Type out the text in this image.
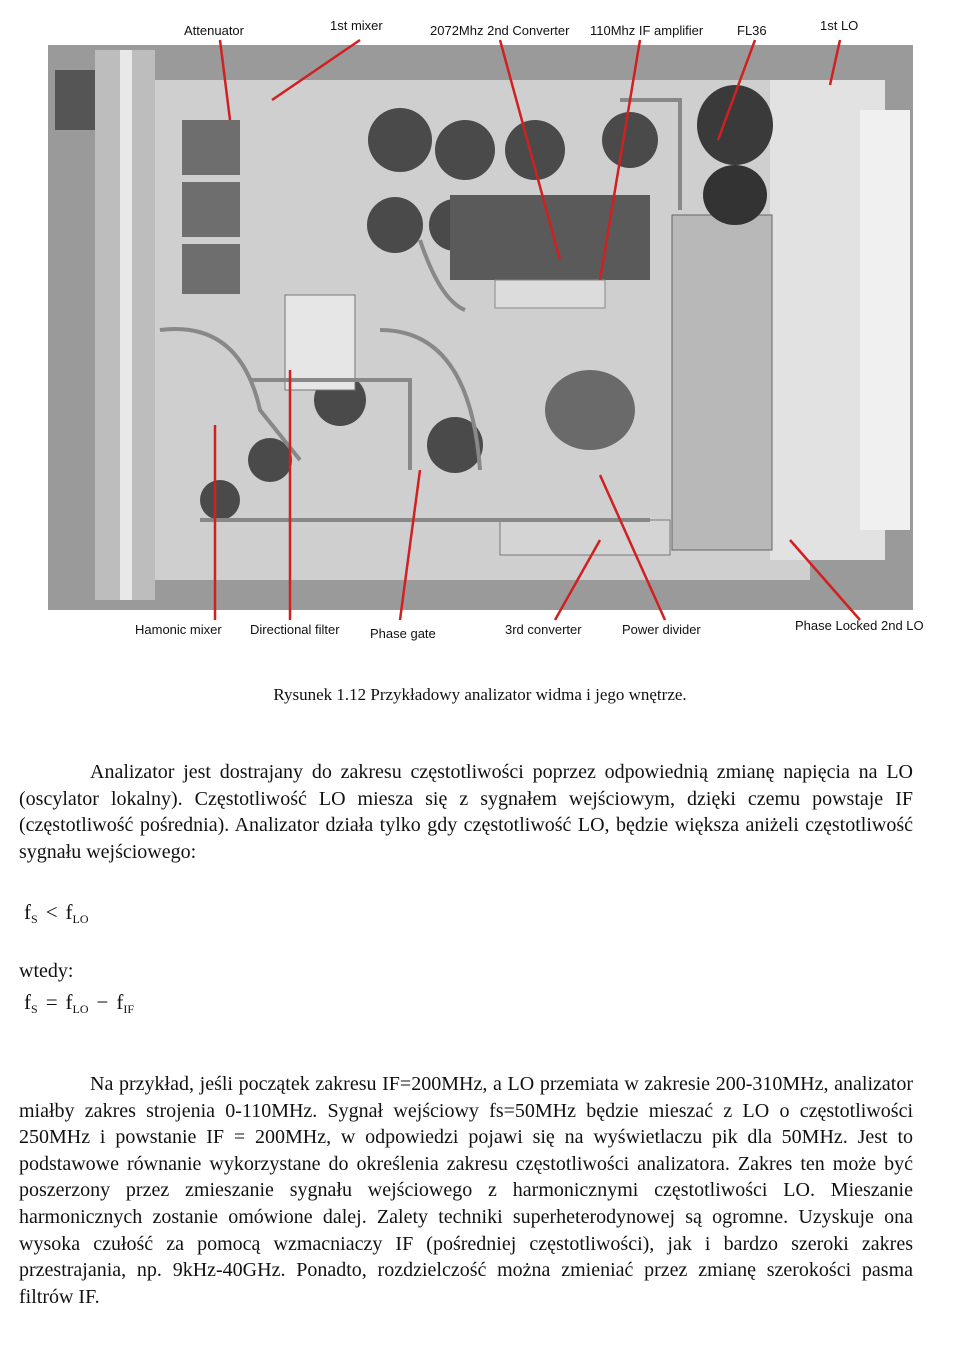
Attenuator	1st mixer	2072Mhz 2nd Converter 110Mhz IF amplifier	FL36	1st LO
Hamonic mixer Directional filter Phase gate	3rd converter	Power divider	Phase Locked 2nd LO
Rysunek 1.12 Przykładowy analizator widma i jego wnętrze.

Analizator jest dostrajany do zakresu częstotliwości poprzez odpowiednią zmianę napięcia na LO (oscylator lokalny). Częstotliwość LO miesza się z sygnałem wejściowym, dzięki czemu powstaje IF (częstotliwość pośrednia). Analizator działa tylko gdy częstotliwość LO, będzie większa aniżeli częstotliwość sygnału wejściowego:

$f_S < f_{LO}$
wtedy:
$f_S = f_{LO} - f_{IF}$

Na przykład, jeśli początek zakresu IF=200MHz, a LO przemiata w zakresie 200-310MHz, analizator miałby zakres strojenia 0-110MHz. Sygnał wejściowy fs=50MHz będzie mieszać z LO o częstotliwości 250MHz i powstanie IF = 200MHz, w odpowiedzi pojawi się na wyświetlaczu pik dla 50MHz. Jest to podstawowe równanie wykorzystane do określenia zakresu częstotliwości analizatora. Zakres ten może być poszerzony przez zmieszanie sygnału wejściowego z harmonicznymi częstotliwości LO. Mieszanie harmonicznych zostanie omówione dalej. Zalety techniki superheterodynowej są ogromne. Uzyskuje ona wysoka czułość za pomocą wzmacniaczy IF (pośredniej częstotliwości), jak i bardzo szeroki zakres przestrajania, np. 9kHz-40GHz. Ponadto, rozdzielczość można zmieniać przez zmianę szerokości pasma filtrów IF.
